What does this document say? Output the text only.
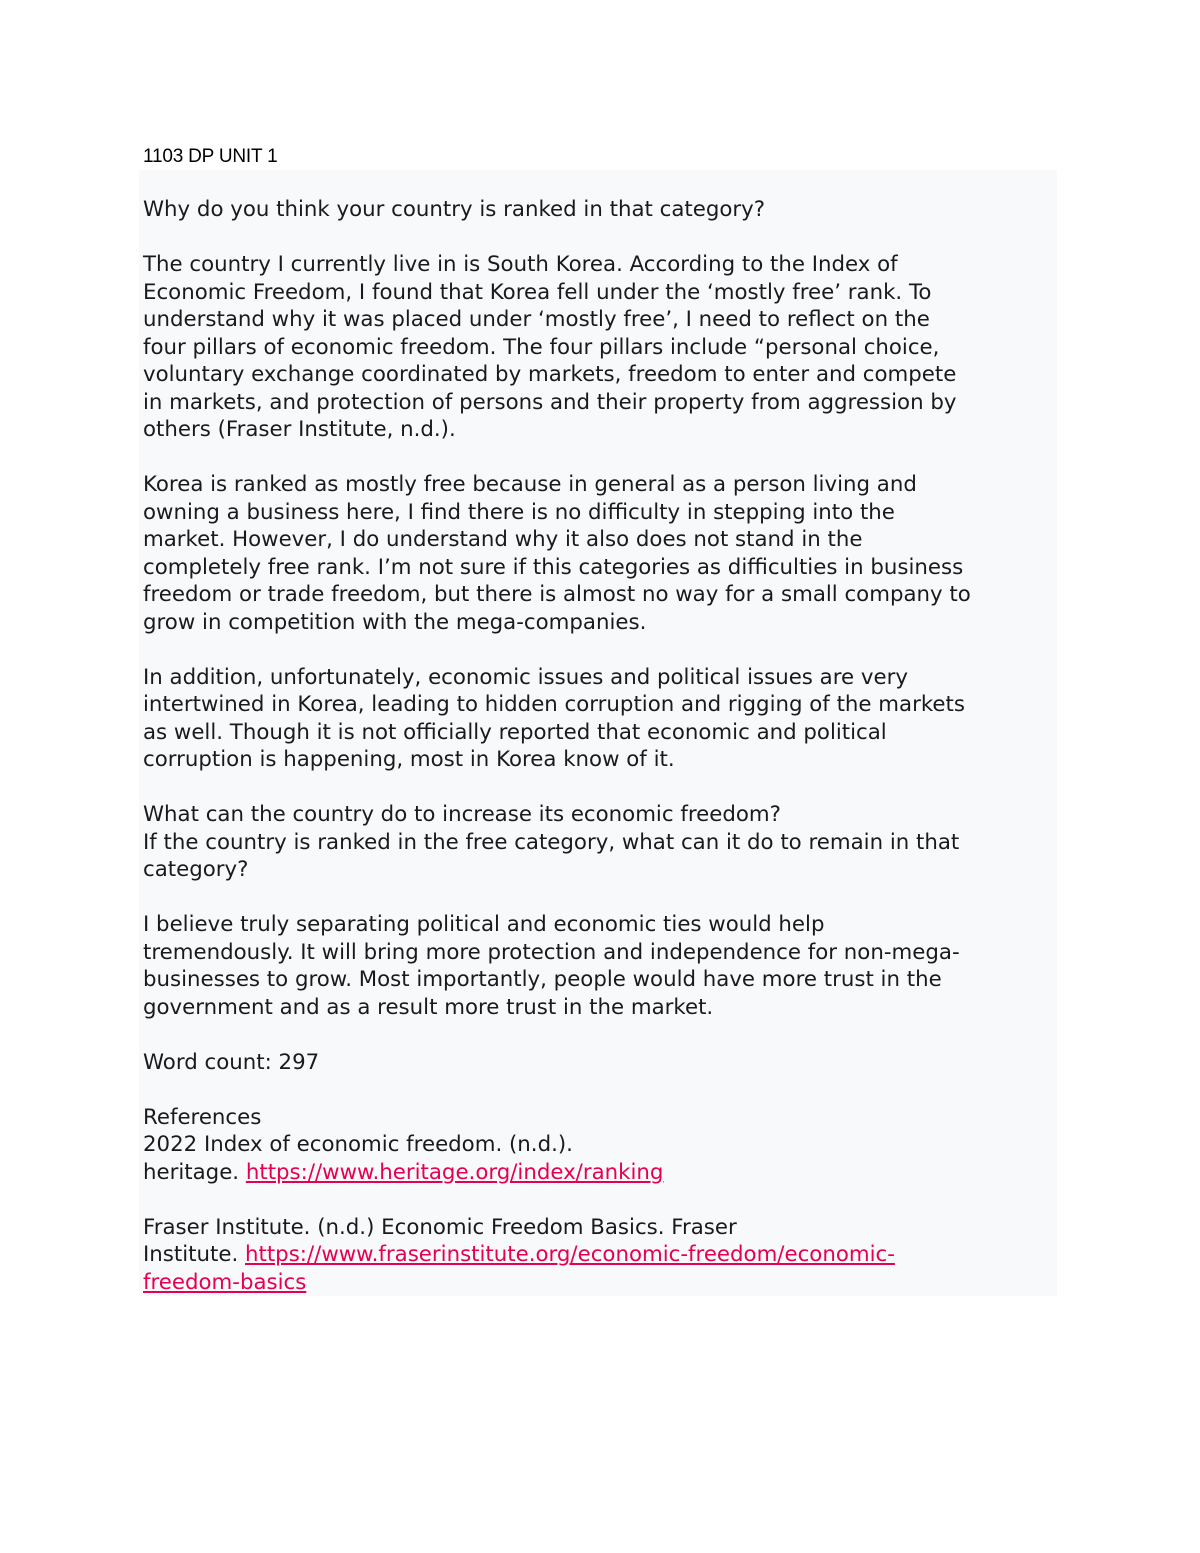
1103 DP UNIT 1

Why do you think your country is ranked in that category?

The country I currently live in is South Korea. According to the Index of
Economic Freedom, I found that Korea fell under the ‘mostly free’ rank. To
understand why it was placed under ‘mostly free’, I need to reflect on the
four pillars of economic freedom. The four pillars include “personal choice,
voluntary exchange coordinated by markets, freedom to enter and compete
in markets, and protection of persons and their property from aggression by
others (Fraser Institute, n.d.).

Korea is ranked as mostly free because in general as a person living and
owning a business here, I find there is no difficulty in stepping into the
market. However, I do understand why it also does not stand in the
completely free rank. I’m not sure if this categories as difficulties in business
freedom or trade freedom, but there is almost no way for a small company to
grow in competition with the mega-companies.

In addition, unfortunately, economic issues and political issues are very
intertwined in Korea, leading to hidden corruption and rigging of the markets
as well. Though it is not officially reported that economic and political
corruption is happening, most in Korea know of it.

What can the country do to increase its economic freedom?
If the country is ranked in the free category, what can it do to remain in that
category?

I believe truly separating political and economic ties would help
tremendously. It will bring more protection and independence for non-mega-
businesses to grow. Most importantly, people would have more trust in the
government and as a result more trust in the market.

Word count: 297

References
2022 Index of economic freedom. (n.d.).
heritage. https://www.heritage.org/index/ranking

Fraser Institute. (n.d.) Economic Freedom Basics. Fraser
Institute. https://www.fraserinstitute.org/economic-freedom/economic-
freedom-basics
